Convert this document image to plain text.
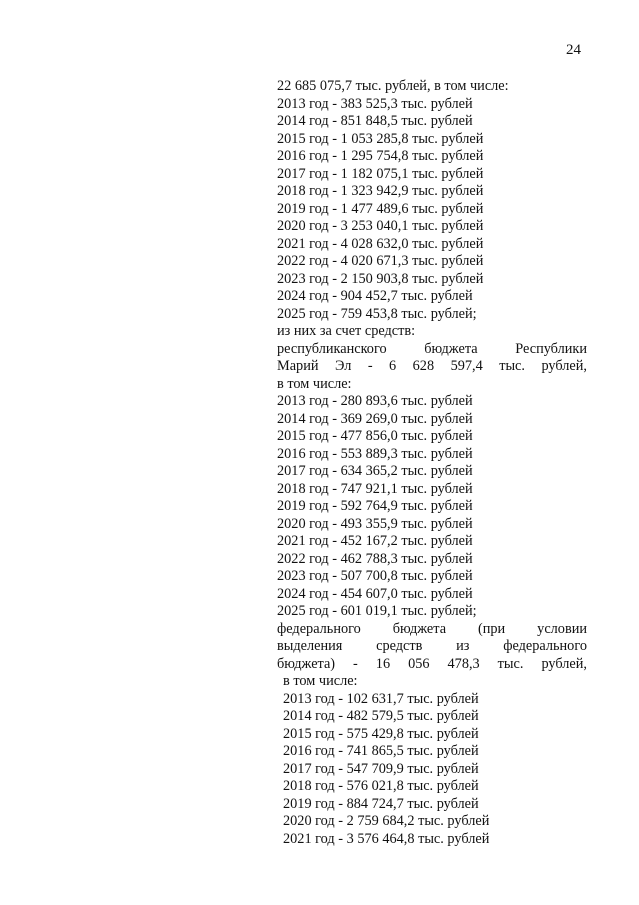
24
22 685 075,7 тыс. рублей, в том числе:
2013 год - 383 525,3 тыс. рублей
2014 год - 851 848,5 тыс. рублей
2015 год - 1 053 285,8 тыс. рублей
2016 год - 1 295 754,8 тыс. рублей
2017 год - 1 182 075,1 тыс. рублей
2018 год - 1 323 942,9 тыс. рублей
2019 год - 1 477 489,6 тыс. рублей
2020 год - 3 253 040,1 тыс. рублей
2021 год - 4 028 632,0 тыс. рублей
2022 год - 4 020 671,3 тыс. рублей
2023 год - 2 150 903,8 тыс. рублей
2024 год - 904 452,7 тыс. рублей
2025 год - 759 453,8 тыс. рублей;
из них за счет средств:
республиканского бюджета Республики
Марий Эл - 6 628 597,4 тыс. рублей,
в том числе:
2013 год - 280 893,6 тыс. рублей
2014 год - 369 269,0 тыс. рублей
2015 год - 477 856,0 тыс. рублей
2016 год - 553 889,3 тыс. рублей
2017 год - 634 365,2 тыс. рублей
2018 год - 747 921,1 тыс. рублей
2019 год - 592 764,9 тыс. рублей
2020 год - 493 355,9 тыс. рублей
2021 год - 452 167,2 тыс. рублей
2022 год - 462 788,3 тыс. рублей
2023 год - 507 700,8 тыс. рублей
2024 год - 454 607,0 тыс. рублей
2025 год - 601 019,1 тыс. рублей;
федерального бюджета (при условии
выделения средств из федерального
бюджета) - 16 056 478,3 тыс. рублей,
в том числе:
2013 год - 102 631,7 тыс. рублей
2014 год - 482 579,5 тыс. рублей
2015 год - 575 429,8 тыс. рублей
2016 год - 741 865,5 тыс. рублей
2017 год - 547 709,9 тыс. рублей
2018 год - 576 021,8 тыс. рублей
2019 год - 884 724,7 тыс. рублей
2020 год - 2 759 684,2 тыс. рублей
2021 год - 3 576 464,8 тыс. рублей
